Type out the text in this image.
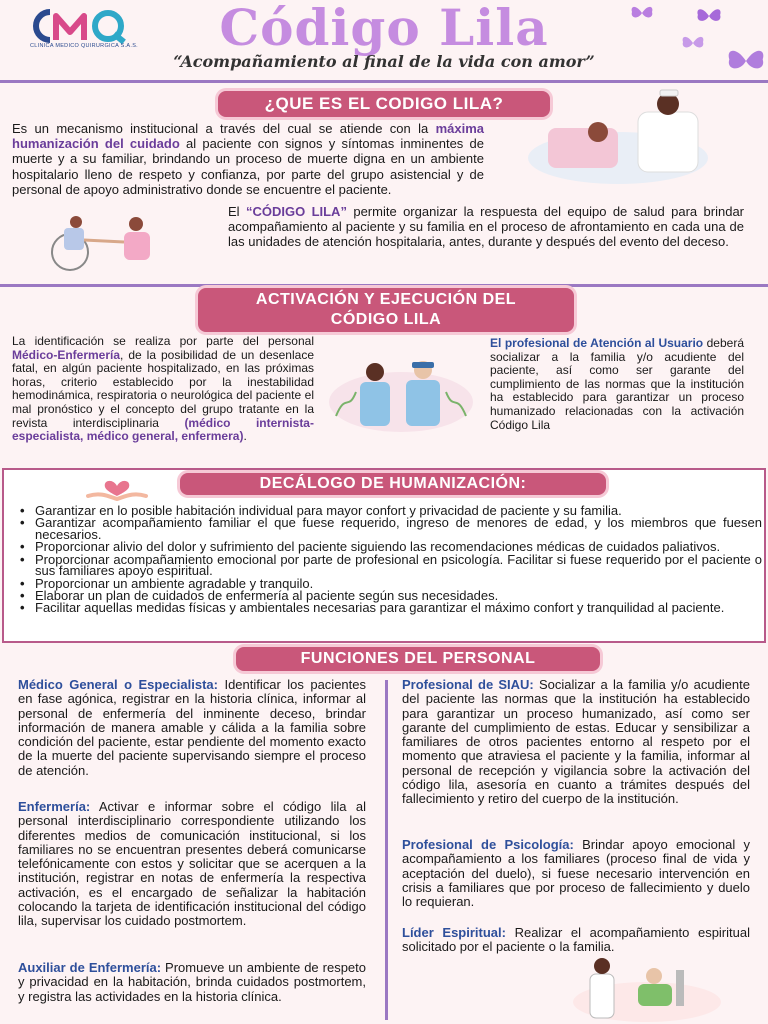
CLINICA MEDICO QUIRURGICA S.A.S.	Código Lila
“Acompañamiento al final de la vida con amor”
¿QUE ES EL CODIGO LILA?
Es un mecanismo institucional a través del cual se atiende con la máxima humanización del cuidado al paciente con signos y síntomas inminentes de muerte y a su familiar, brindando un proceso de muerte digna en un ambiente hospitalario lleno de respeto y confianza, por parte del grupo asistencial y de personal de apoyo administrativo donde se encuentre el paciente.
El “CÓDIGO LILA” permite organizar la respuesta del equipo de salud para brindar acompañamiento al paciente y su familia en el proceso de afrontamiento en cada una de las unidades de atención hospitalaria, antes, durante y después del evento del deceso.
ACTIVACIÓN Y EJECUCIÓN DEL
CÓDIGO LILA
La identificación se realiza por parte del personal Médico-Enfermería, de la posibilidad de un desenlace fatal, en algún paciente hospitalizado, en las próximas horas, criterio establecido por la inestabilidad hemodinámica, respiratoria o neurológica del paciente el mal pronóstico y el concepto del grupo tratante en la revista interdisciplinaria (médico internista- especialista, médico general, enfermera).
El profesional de Atención al Usuario deberá socializar a la familia y/o acudiente del paciente, así como ser garante del cumplimiento de las normas que la institución ha establecido para garantizar un proceso humanizado relacionadas con la activación Código Lila
DECÁLOGO DE HUMANIZACIÓN:
• Garantizar en lo posible habitación individual para mayor confort y privacidad de paciente y su familia.
• Garantizar acompañamiento familiar el que fuese requerido, ingreso de menores de edad, y los miembros que fuesen necesarios.
• Proporcionar alivio del dolor y sufrimiento del paciente siguiendo las recomendaciones médicas de cuidados paliativos.
• Proporcionar acompañamiento emocional por parte de profesional en psicología. Facilitar si fuese requerido por el paciente o sus familiares apoyo espiritual.
• Proporcionar un ambiente agradable y tranquilo.
• Elaborar un plan de cuidados de enfermería al paciente según sus necesidades.
• Facilitar aquellas medidas físicas y ambientales necesarias para garantizar el máximo confort y tranquilidad al paciente.
FUNCIONES DEL PERSONAL
Médico General o Especialista: Identificar los pacientes en fase agónica, registrar en la historia clínica, informar al personal de enfermería del inminente deceso, brindar información de manera amable y cálida a la familia sobre condición del paciente, estar pendiente del momento exacto de la muerte del paciente supervisando siempre el proceso de atención.
Enfermería: Activar e informar sobre el código lila al personal interdisciplinario correspondiente utilizando los diferentes medios de comunicación institucional, si los familiares no se encuentran presentes deberá comunicarse telefónicamente con estos y solicitar que se acerquen a la institución, registrar en notas de enfermería la respectiva activación, es el encargado de señalizar la habitación colocando la tarjeta de identificación institucional del código lila, supervisar los cuidado postmortem.
Auxiliar de Enfermería: Promueve un ambiente de respeto y privacidad en la habitación, brinda cuidados postmortem, y registra las actividades en la historia clínica.
Profesional de SIAU: Socializar a la familia y/o acudiente del paciente las normas que la institución ha establecido para garantizar un proceso humanizado, así como ser garante del cumplimiento de estas. Educar y sensibilizar a familiares de otros pacientes entorno al respeto por el momento que atraviesa el paciente y la familia, informar al personal de recepción y vigilancia sobre la activación del código lila, asesoría en cuanto a trámites después del fallecimiento y retiro del cuerpo de la institución.
Profesional de Psicología: Brindar apoyo emocional y acompañamiento a los familiares (proceso final de vida y aceptación del duelo), si fuese necesario intervención en crisis a familiares que por proceso de fallecimiento y duelo lo requieran.
Líder Espiritual: Realizar el acompañamiento espiritual solicitado por el paciente o la familia.
